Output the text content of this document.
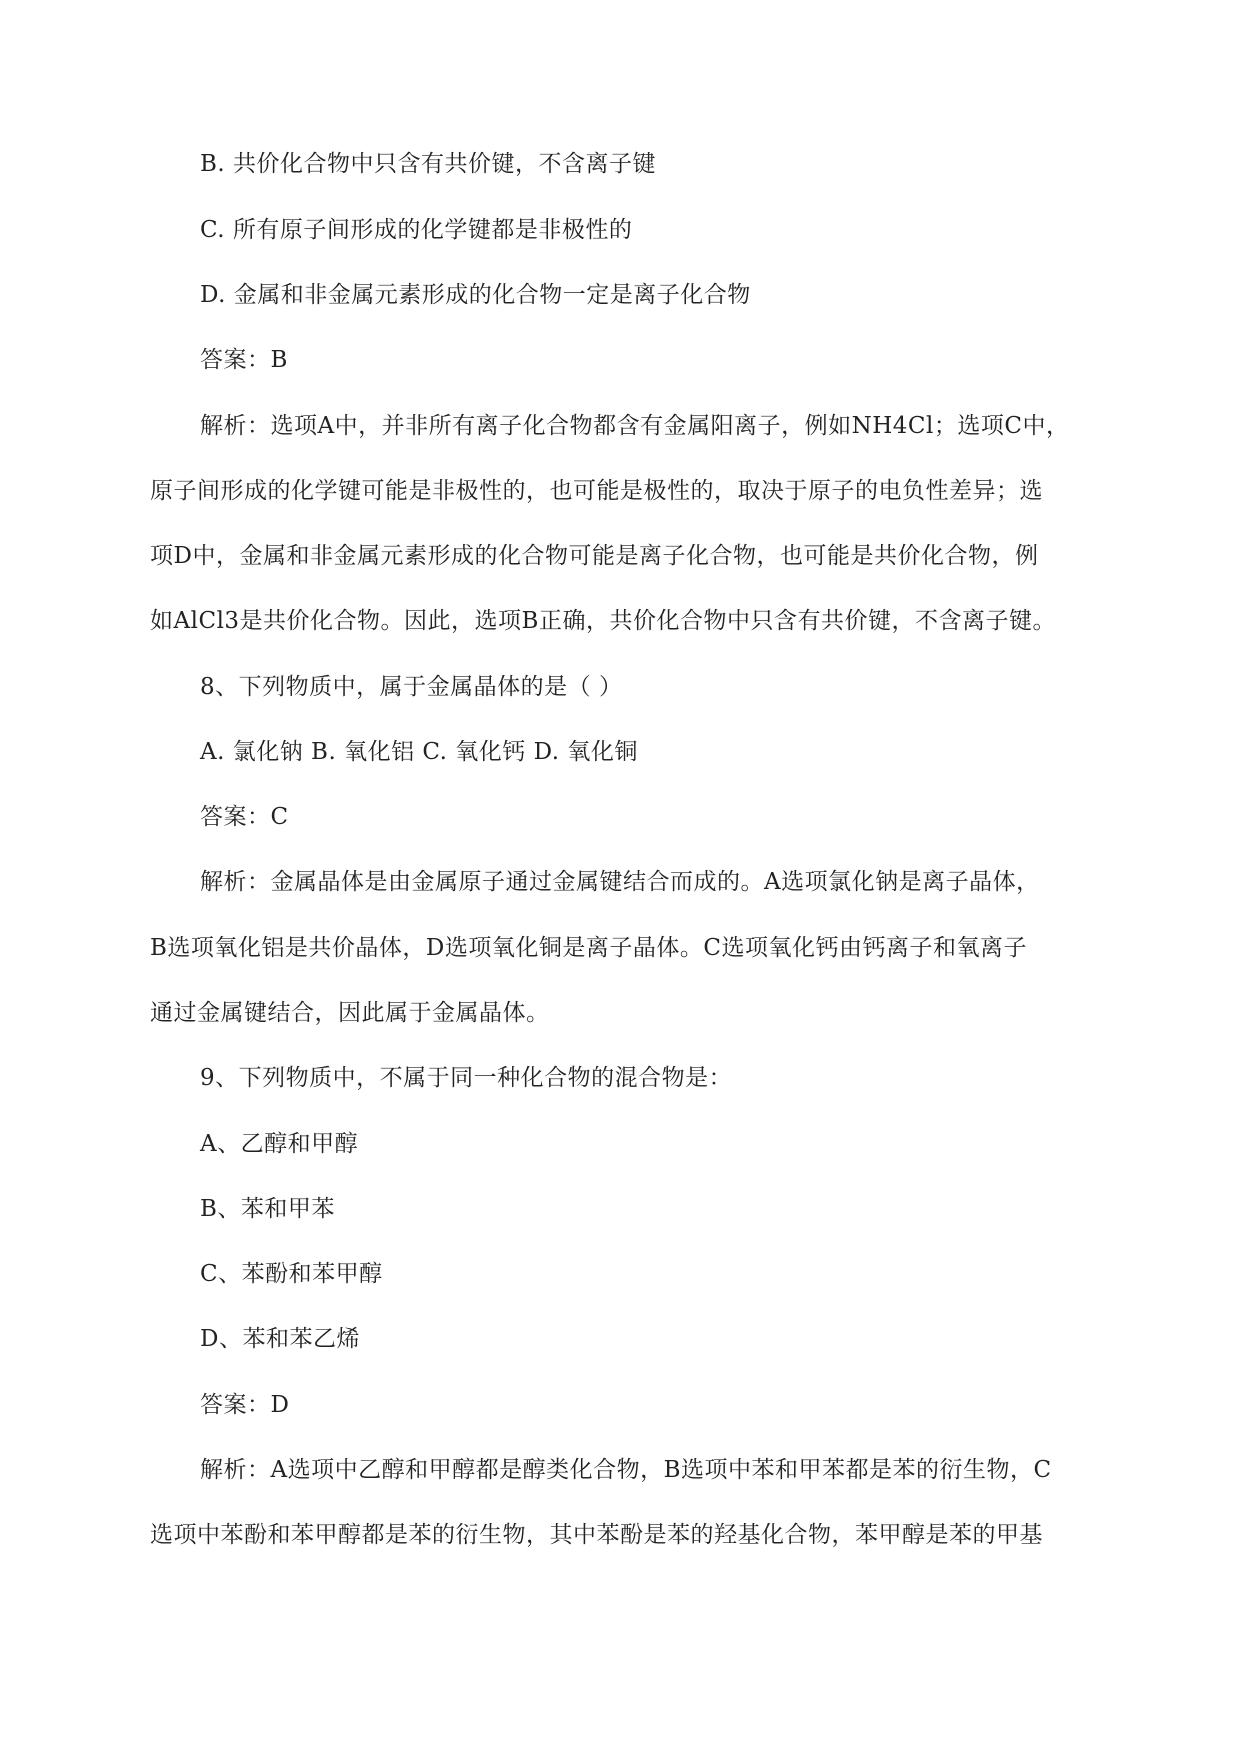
B. 共价化合物中只含有共价键，不含离子键
C. 所有原子间形成的化学键都是非极性的
D. 金属和非金属元素形成的化合物一定是离子化合物
答案：B
解析：选项A中，并非所有离子化合物都含有金属阳离子，例如NH4Cl；选项C中，
原子间形成的化学键可能是非极性的，也可能是极性的，取决于原子的电负性差异；选
项D中，金属和非金属元素形成的化合物可能是离子化合物，也可能是共价化合物，例
如AlCl3是共价化合物。因此，选项B正确，共价化合物中只含有共价键，不含离子键。
8、下列物质中，属于金属晶体的是（ ）
A. 氯化钠 B. 氧化铝 C. 氧化钙 D. 氧化铜
答案：C
解析：金属晶体是由金属原子通过金属键结合而成的。A选项氯化钠是离子晶体，
B选项氧化铝是共价晶体，D选项氧化铜是离子晶体。C选项氧化钙由钙离子和氧离子
通过金属键结合，因此属于金属晶体。
9、下列物质中，不属于同一种化合物的混合物是：
A、乙醇和甲醇
B、苯和甲苯
C、苯酚和苯甲醇
D、苯和苯乙烯
答案：D
解析：A选项中乙醇和甲醇都是醇类化合物，B选项中苯和甲苯都是苯的衍生物，C
选项中苯酚和苯甲醇都是苯的衍生物，其中苯酚是苯的羟基化合物，苯甲醇是苯的甲基
